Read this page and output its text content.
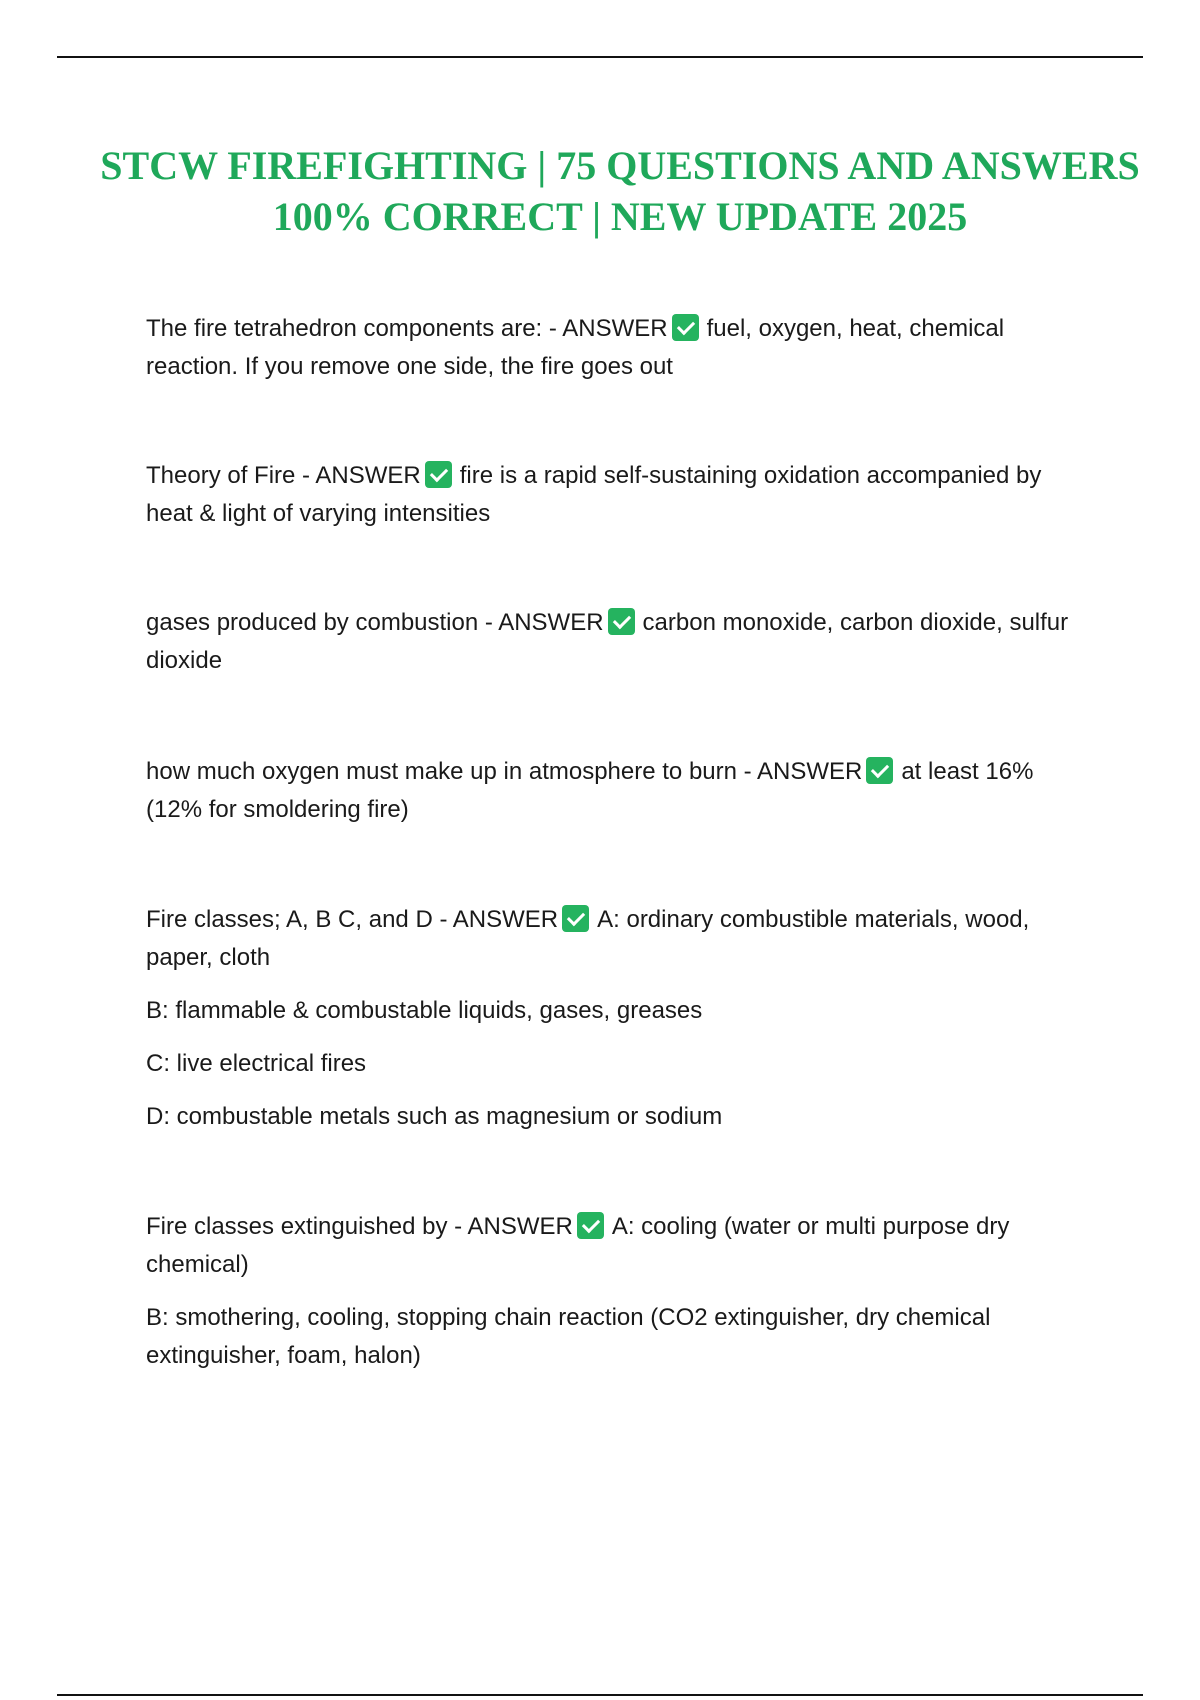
STCW FIREFIGHTING | 75 QUESTIONS AND ANSWERS 100% CORRECT | NEW UPDATE 2025

The fire tetrahedron components are: - ANSWER fuel, oxygen, heat, chemical reaction. If you remove one side, the fire goes out

Theory of Fire - ANSWER fire is a rapid self-sustaining oxidation accompanied by heat & light of varying intensities

gases produced by combustion - ANSWER carbon monoxide, carbon dioxide, sulfur dioxide

how much oxygen must make up in atmosphere to burn - ANSWER at least 16% (12% for smoldering fire)

Fire classes; A, B C, and D - ANSWER A: ordinary combustible materials, wood, paper, cloth

B: flammable & combustable liquids, gases, greases

C: live electrical fires

D: combustable metals such as magnesium or sodium

Fire classes extinguished by - ANSWER A: cooling (water or multi purpose dry chemical)

B: smothering, cooling, stopping chain reaction (CO2 extinguisher, dry chemical extinguisher, foam, halon)
